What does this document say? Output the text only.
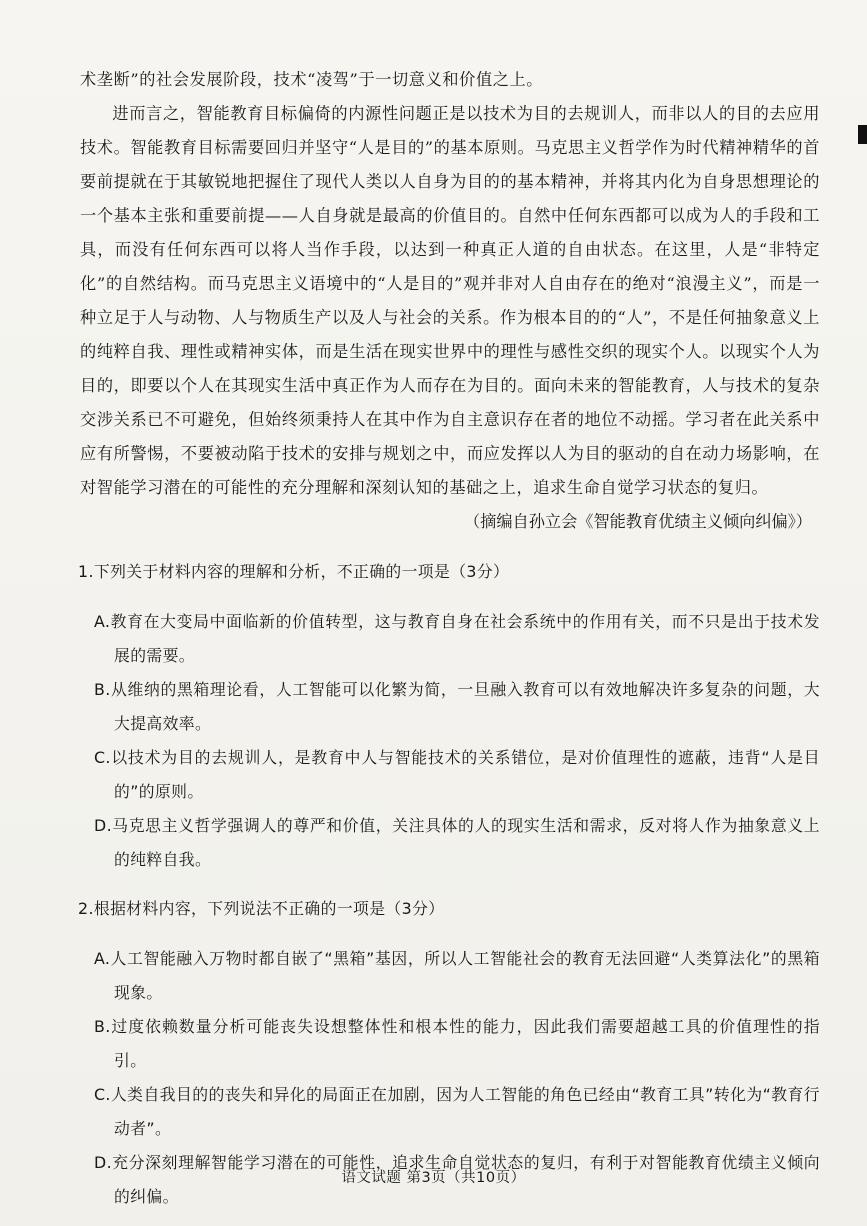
术垄断”的社会发展阶段，技术“凌驾”于一切意义和价值之上。

进而言之，智能教育目标偏倚的内源性问题正是以技术为目的去规训人，而非以人的目的去应用技术。智能教育目标需要回归并坚守“人是目的”的基本原则。马克思主义哲学作为时代精神精华的首要前提就在于其敏锐地把握住了现代人类以人自身为目的的基本精神，并将其内化为自身思想理论的一个基本主张和重要前提——人自身就是最高的价值目的。自然中任何东西都可以成为人的手段和工具，而没有任何东西可以将人当作手段，以达到一种真正人道的自由状态。在这里，人是“非特定化”的自然结构。而马克思主义语境中的“人是目的”观并非对人自由存在的绝对“浪漫主义”，而是一种立足于人与动物、人与物质生产以及人与社会的关系。作为根本目的的“人”，不是任何抽象意义上的纯粹自我、理性或精神实体，而是生活在现实世界中的理性与感性交织的现实个人。以现实个人为目的，即要以个人在其现实生活中真正作为人而存在为目的。面向未来的智能教育，人与技术的复杂交涉关系已不可避免，但始终须秉持人在其中作为自主意识存在者的地位不动摇。学习者在此关系中应有所警惕，不要被动陷于技术的安排与规划之中，而应发挥以人为目的驱动的自在动力场影响，在对智能学习潜在的可能性的充分理解和深刻认知的基础之上，追求生命自觉学习状态的复归。

（摘编自孙立会《智能教育优绩主义倾向纠偏》）

1.下列关于材料内容的理解和分析，不正确的一项是（3分）

A.教育在大变局中面临新的价值转型，这与教育自身在社会系统中的作用有关，而不只是出于技术发展的需要。

B.从维纳的黑箱理论看，人工智能可以化繁为简，一旦融入教育可以有效地解决许多复杂的问题，大大提高效率。

C.以技术为目的去规训人，是教育中人与智能技术的关系错位，是对价值理性的遮蔽，违背“人是目的”的原则。

D.马克思主义哲学强调人的尊严和价值，关注具体的人的现实生活和需求，反对将人作为抽象意义上的纯粹自我。

2.根据材料内容，下列说法不正确的一项是（3分）

A.人工智能融入万物时都自嵌了“黑箱”基因，所以人工智能社会的教育无法回避“人类算法化”的黑箱现象。

B.过度依赖数量分析可能丧失设想整体性和根本性的能力，因此我们需要超越工具的价值理性的指引。

C.人类自我目的的丧失和异化的局面正在加剧，因为人工智能的角色已经由“教育工具”转化为“教育行动者”。

D.充分深刻理解智能学习潜在的可能性，追求生命自觉状态的复归，有利于对智能教育优绩主义倾向的纠偏。

语文试题 第3页（共10页）
